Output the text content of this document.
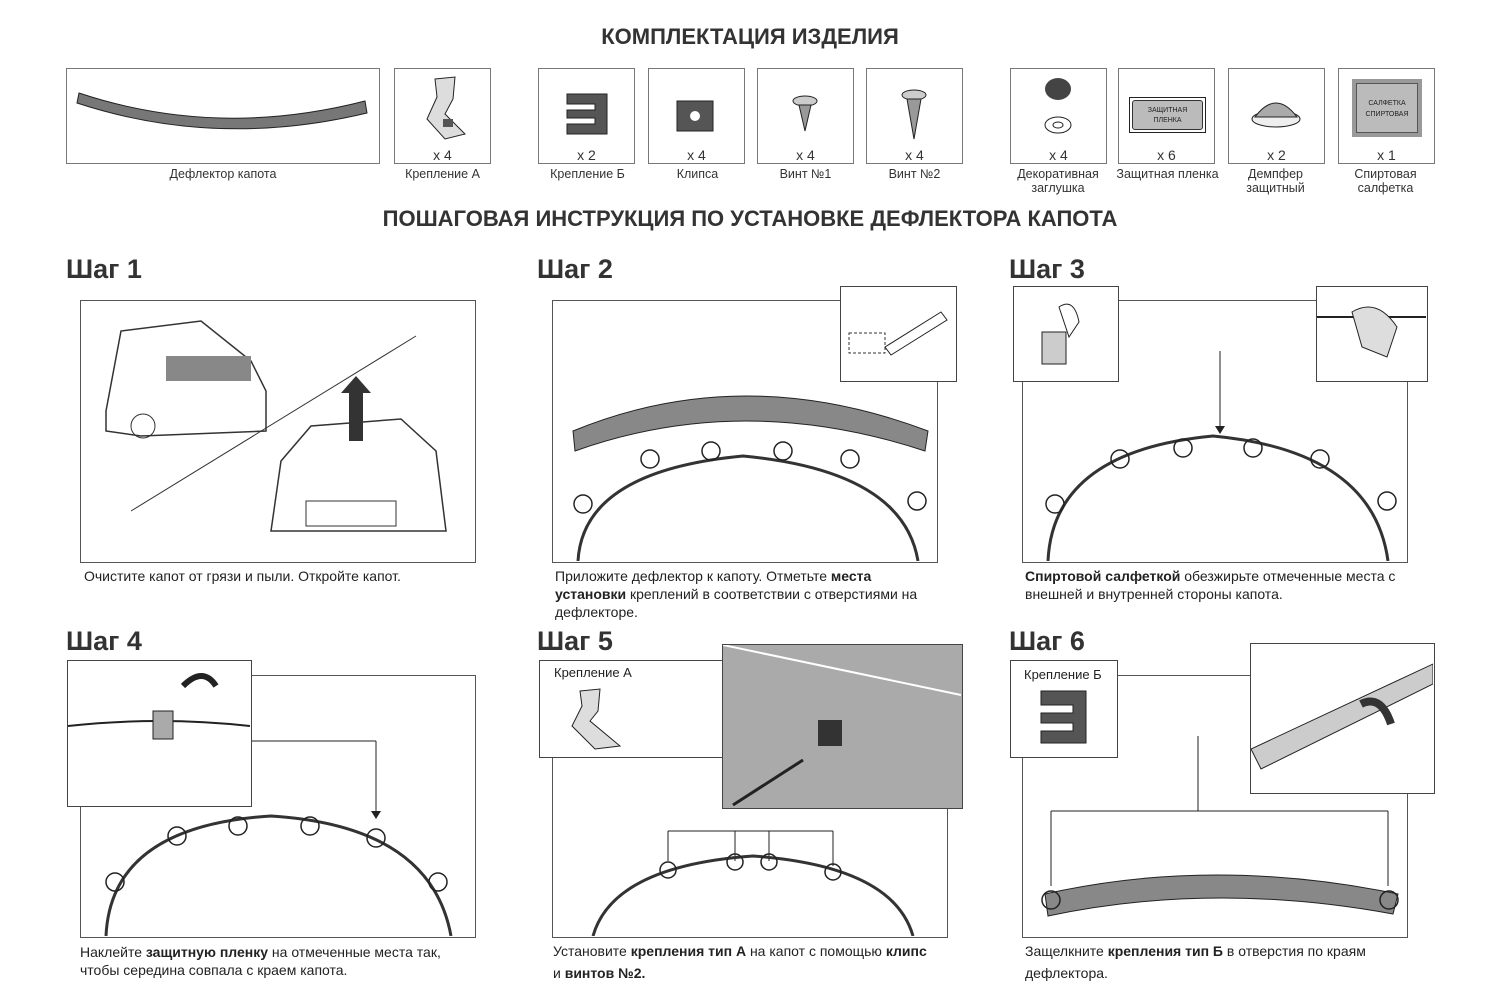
КОМПЛЕКТАЦИЯ ИЗДЕЛИЯ
Дефлектор капота
x 4
Крепление А
x 2
Крепление Б
x 4
Клипса
x 4
Винт №1
x 4
Винт №2
x 4
Декоративная заглушка
ЗАЩИТНАЯ ПЛЕНКА
x 6
Защитная пленка
x 2
Демпфер защитный
САЛФЕТКА СПИРТОВАЯ
x 1
Спиртовая салфетка
ПОШАГОВАЯ ИНСТРУКЦИЯ ПО УСТАНОВКЕ ДЕФЛЕКТОРА КАПОТА
Шаг 1	Шаг 2	Шаг 3
Шаг 4	Шаг 5	Шаг 6
Очистите капот от грязи и пыли. Откройте капот.	Приложите дефлектор к капоту. Отметьте места установки креплений в соответствии с отверстиями на дефлекторе.
Спиртовой салфеткой обезжирьте отмеченные места с внешней и внутренней стороны капота.
Наклейте защитную пленку на отмеченные места так, чтобы середина совпала с краем капота.
Крепление А
Установите крепления тип А на капот с помощью клипс и винтов №2.
Крепление Б
Защелкните крепления тип Б в отверстия по краям дефлектора.
